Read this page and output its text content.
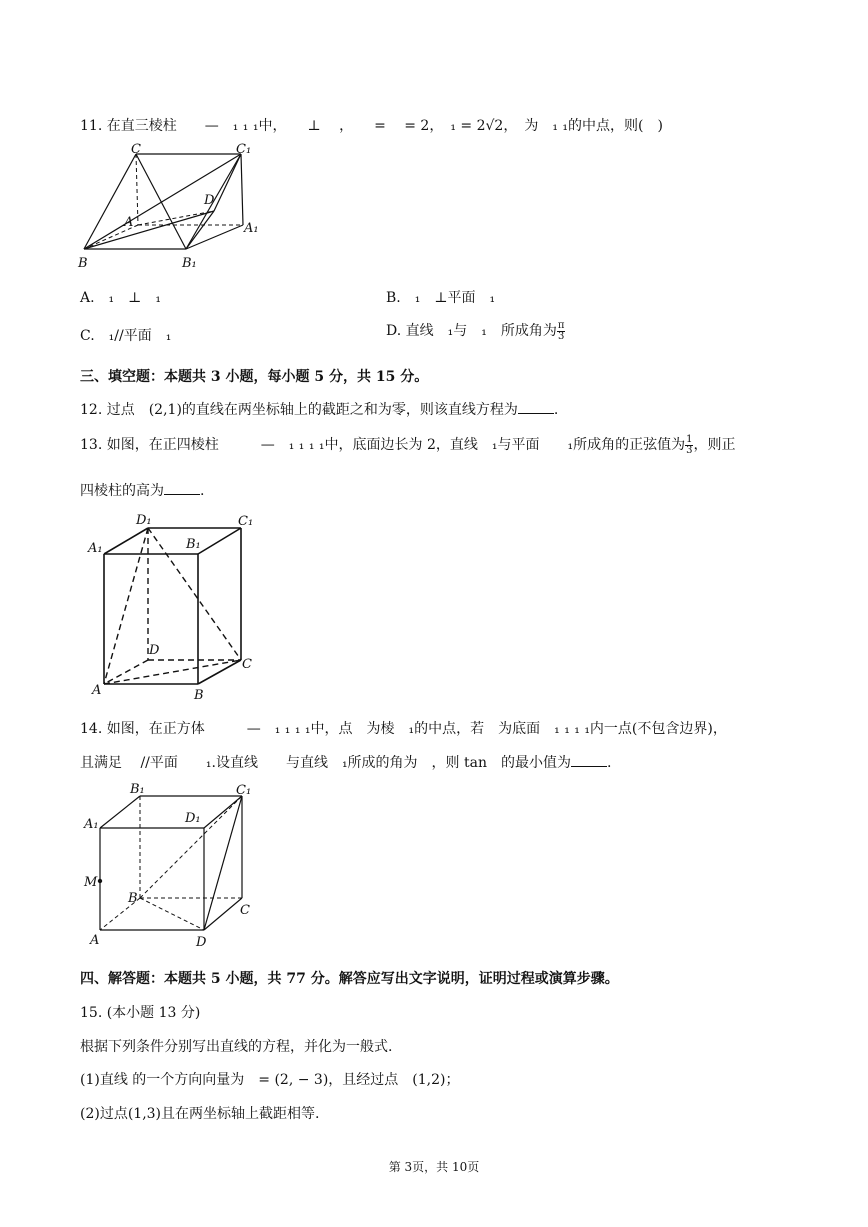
11. 在直三棱柱　　—　₁ ₁ ₁中，　　⊥　 ，　　=　 = 2，　₁ = 2√2，　为　₁ ₁的中点，则(　)
C	C₁
D
A	A₁
B	B₁
A.　₁　⊥　₁	B.　₁　⊥平面　₁
C.　₁//平面　₁	D. 直线　₁与　₁　所成角为 $\frac{\pi}{3}$
三、填空题：本题共 3 小题，每小题 5 分，共 15 分。
12. 过点　(2,1)的直线在两坐标轴上的截距之和为零，则该直线方程为	.
13. 如图，在正四棱柱　　　—　₁ ₁ ₁ ₁中，底面边长为 2，直线　₁与平面　　₁所成角的正弦值为 $\frac{1}{3}$ ，则正
四棱柱的高为	.
D₁	C₁
A₁	B₁
D
C
A	B
14. 如图，在正方体　　　—　₁ ₁ ₁ ₁中，点　为棱　₁的中点，若　为底面　₁ ₁ ₁ ₁内一点(不包含边界)，
且满足　 //平面　　₁.设直线　　与直线　₁所成的角为　，则 tan　的最小值为	.
B₁	C₁
A₁	D₁
M
B
C
A	D
四、解答题：本题共 5 小题，共 77 分。解答应写出文字说明，证明过程或演算步骤。
15. (本小题 13 分)
根据下列条件分别写出直线的方程，并化为一般式.
(1)直线 的一个方向向量为　= (2, − 3)，且经过点　(1,2)；
(2)过点(1,3)且在两坐标轴上截距相等.
第 3页，共 10页
